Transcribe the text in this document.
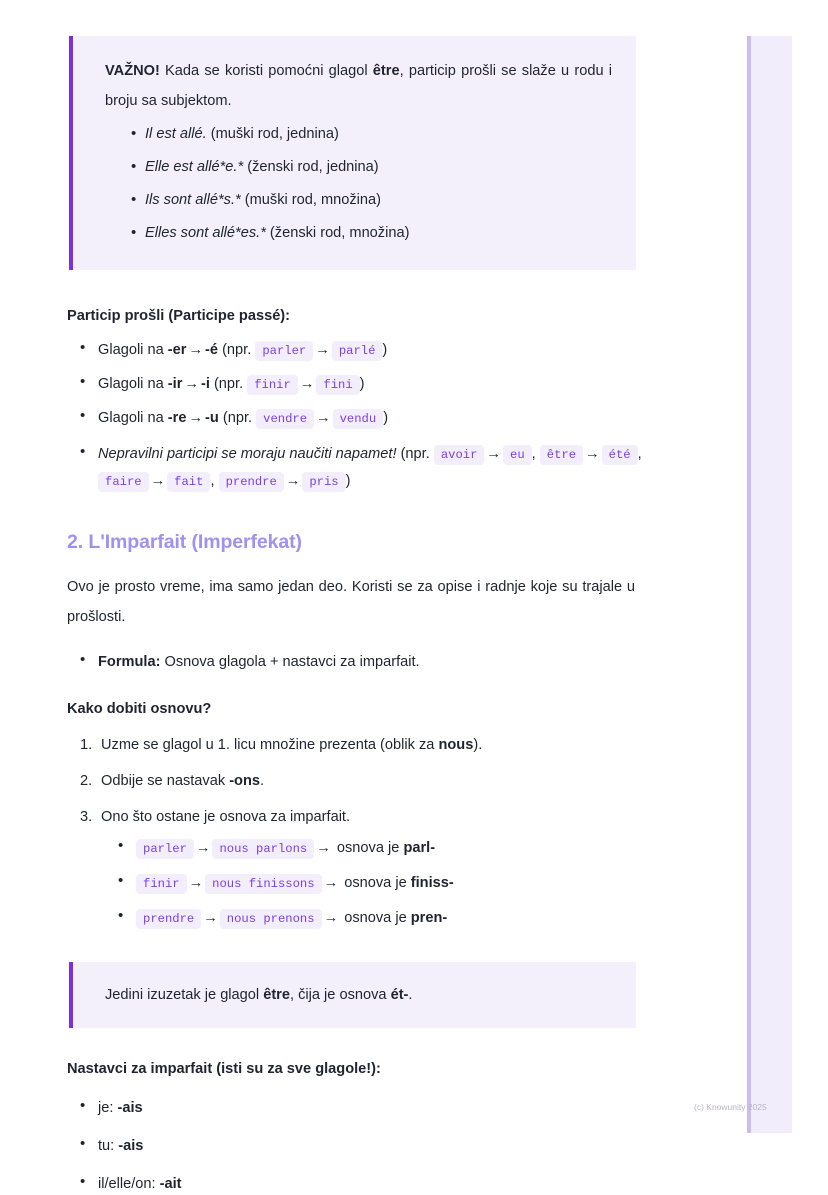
VAŽNO! Kada se koristi pomoćni glagol être, particip prošli se slaže u rodu i broju sa subjektom.

• Il est allé. (muški rod, jednina)
• Elle est allé*e.* (ženski rod, jednina)
• Ils sont allé*s.* (muški rod, množina)
• Elles sont allé*es.* (ženski rod, množina)

Particip prošli (Participe passé):

• Glagoli na -er → -é (npr. parler → parlé )
• Glagoli na -ir → -i (npr. finir → fini )
• Glagoli na -re → -u (npr. vendre → vendu )
• Nepravilni participi se moraju naučiti napamet! (npr. avoir → eu , être → été , faire → fait , prendre → pris )
2. L'Imparfait (Imperfekat)

Ovo je prosto vreme, ima samo jedan deo. Koristi se za opise i radnje koje su trajale u prošlosti.

• Formula: Osnova glagola + nastavci za imparfait.

Kako dobiti osnovu?

Uzme se glagol u 1. licu množine prezenta (oblik za nous).
Odbije se nastavak -ons.
Ono što ostane je osnova za imparfait.
• parler → nous parlons → osnova je parl-
• finir → nous finissons → osnova je finiss-
• prendre → nous prenons → osnova je pren-

Jedini izuzetak je glagol être, čija je osnova ét-.

Nastavci za imparfait (isti su za sve glagole!):

• je: -ais
• tu: -ais
• il/elle/on: -ait
(c) Knowunity 2025
